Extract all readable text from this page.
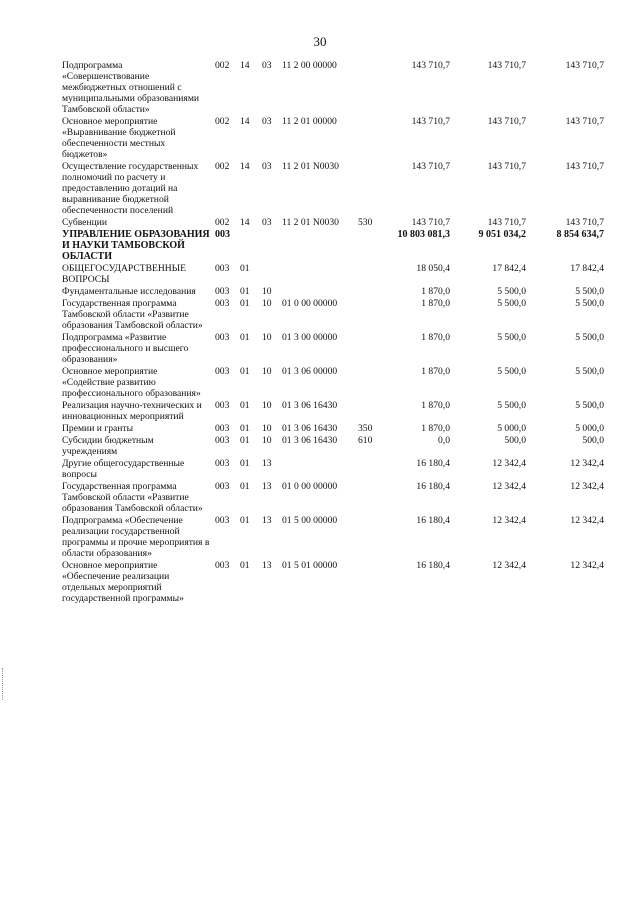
30
Подпрограмма «Совершенствование межбюджетных отношений с муниципальными образованиями Тамбовской области»	002	14	03	11 2 00 00000		143 710,7	143 710,7	143 710,7
Основное мероприятие «Выравнивание бюджетной обеспеченности местных бюджетов»	002	14	03	11 2 01 00000		143 710,7	143 710,7	143 710,7
Осуществление государственных полномочий по расчету и предоставлению дотаций на выравнивание бюджетной обеспеченности поселений	002	14	03	11 2 01 N0030		143 710,7	143 710,7	143 710,7
Субвенции	002	14	03	11 2 01 N0030	530	143 710,7	143 710,7	143 710,7
УПРАВЛЕНИЕ ОБРАЗОВАНИЯ И НАУКИ ТАМБОВСКОЙ ОБЛАСТИ	003					10 803 081,3	9 051 034,2	8 854 634,7
ОБЩЕГОСУДАРСТВЕННЫЕ ВОПРОСЫ	003	01				18 050,4	17 842,4	17 842,4
Фундаментальные исследования	003	01	10			1 870,0	5 500,0	5 500,0
Государственная программа Тамбовской области «Развитие образования Тамбовской области»	003	01	10	01 0 00 00000		1 870,0	5 500,0	5 500,0
Подпрограмма «Развитие профессионального и высшего образования»	003	01	10	01 3 00 00000		1 870,0	5 500,0	5 500,0
Основное мероприятие «Содействие развитию профессионального образования»	003	01	10	01 3 06 00000		1 870,0	5 500,0	5 500,0
Реализация научно-технических и инновационных мероприятий	003	01	10	01 3 06 16430		1 870,0	5 500,0	5 500,0
Премии и гранты	003	01	10	01 3 06 16430	350	1 870,0	5 000,0	5 000,0
Субсидии бюджетным учреждениям	003	01	10	01 3 06 16430	610	0,0	500,0	500,0
Другие общегосударственные вопросы	003	01	13			16 180,4	12 342,4	12 342,4
Государственная программа Тамбовской области «Развитие образования Тамбовской области»	003	01	13	01 0 00 00000		16 180,4	12 342,4	12 342,4
Подпрограмма «Обеспечение реализации государственной программы и прочие мероприятия в области образования»	003	01	13	01 5 00 00000		16 180,4	12 342,4	12 342,4
Основное мероприятие «Обеспечение реализации отдельных мероприятий государственной программы»	003	01	13	01 5 01 00000		16 180,4	12 342,4	12 342,4
